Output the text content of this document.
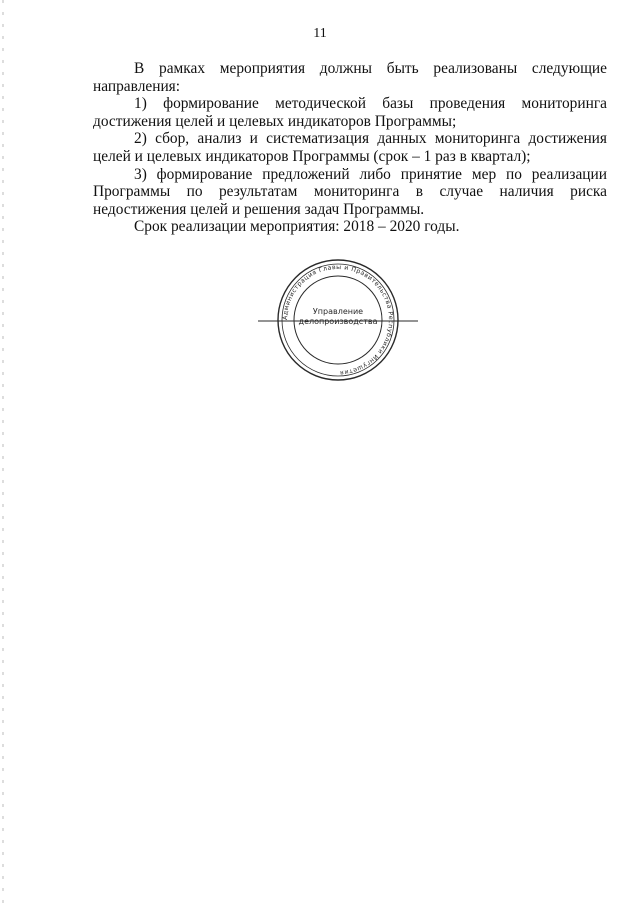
11

В рамках мероприятия должны быть реализованы следующие направления:

1) формирование методической базы проведения мониторинга достижения целей и целевых индикаторов Программы;

2) сбор, анализ и систематизация данных мониторинга достижения целей и целевых индикаторов Программы (срок – 1 раз в квартал);

3) формирование предложений либо принятие мер по реализации Программы по результатам мониторинга в случае наличия риска недостижения целей и решения задач Программы.

Срок реализации мероприятия: 2018 – 2020 годы.

Администрация Главы и Правительства Республики Ингушетия
Управление
делопроизводства
